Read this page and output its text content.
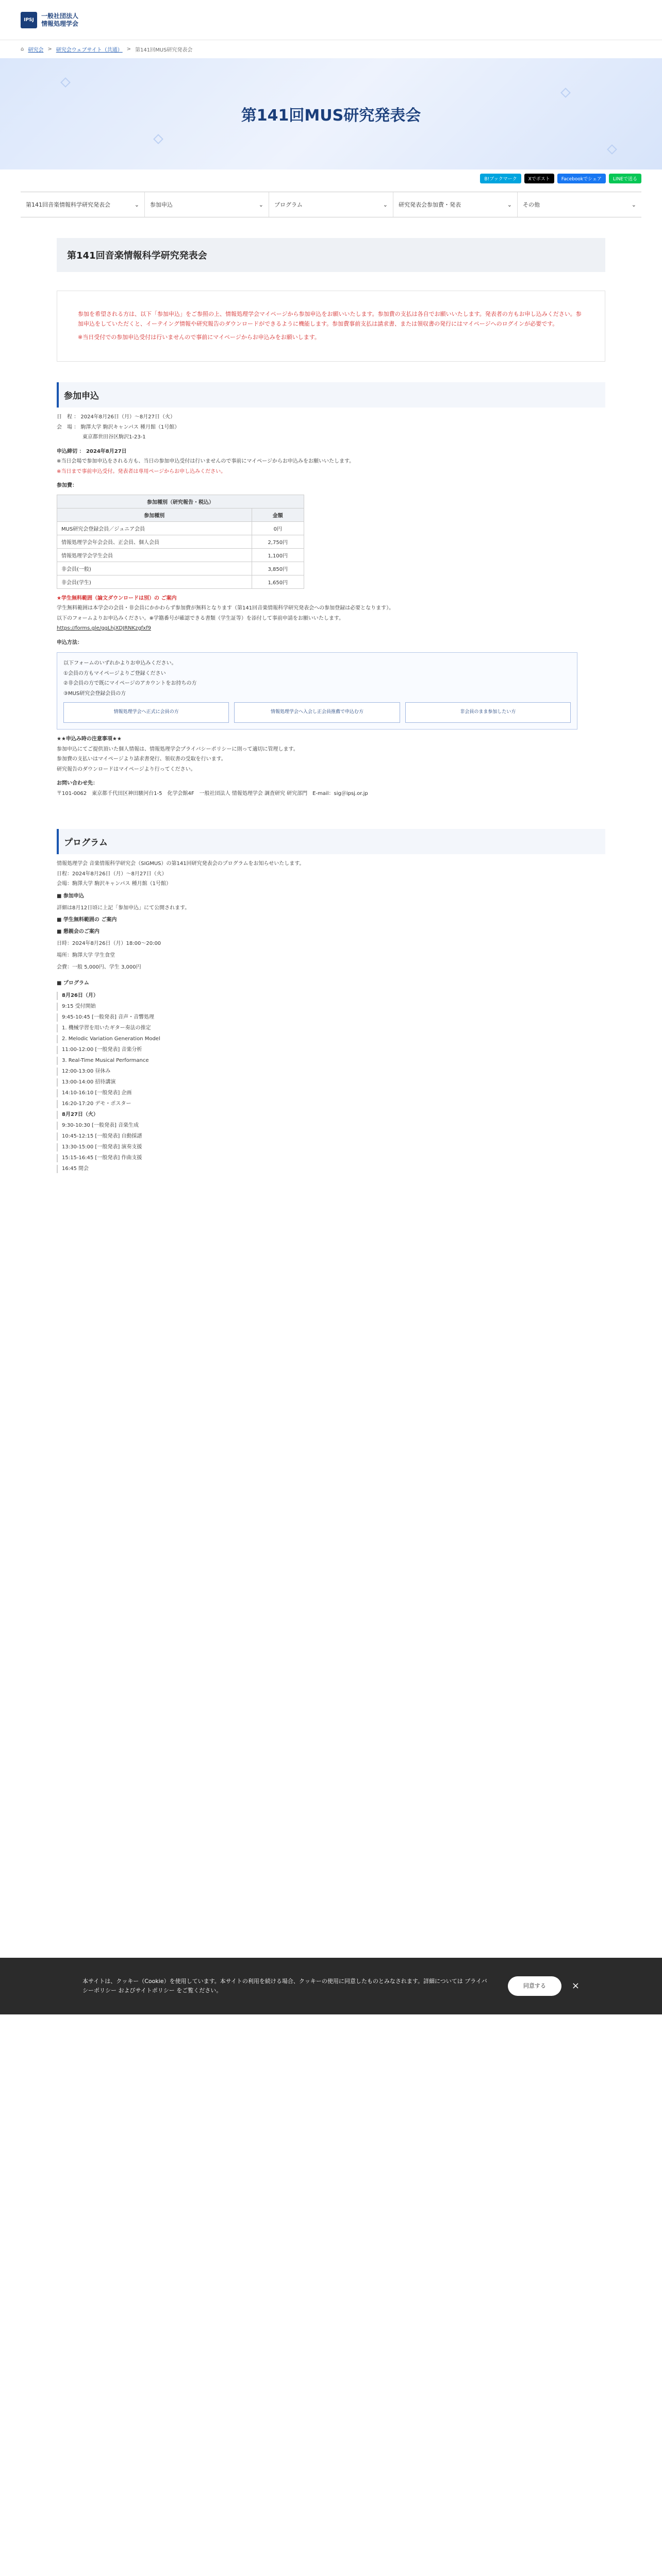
IPSJ
一般社団法人
情報処理学会
⌂ 研究会 > 研究会ウェブサイト（共通） > 第141回MUS研究発表会
第141回MUS研究発表会
B!ブックマーク	Xでポスト	Facebookでシェア	LINEで送る
第141回音楽情報科学研究発表会	⌄ 参加申込	⌄ プログラム	⌄ 研究発表会参加費・発表	⌄ その他	⌄
第141回音楽情報科学研究発表会

参加を希望される方は、以下「参加申込」をご参照の上、情報処理学会マイページから参加申込をお願いいたします。参加費の支払は各自でお願いいたします。発表者の方もお申し込みください。参加申込をしていただくと、イーテイング情報や研究報告のダウンロードができるように機能します。参加費事前支払は請求書、または領収書の発行にはマイページへのログインが必要です。

※当日受付での参加申込受付は行いませんので事前にマイページからお申込みをお願いします。

参加申込

日　程 ： 2024年8月26日（月）～8月27日（火）

会　場 ： 駒澤大学 駒沢キャンパス 種月館（1号館）

東京都世田谷区駒沢1-23-1

申込締切 ： 2024年8月27日

※当日会場で参加申込をされる方も、当日の参加申込受付は行いませんので事前にマイページからお申込みをお願いいたします。

※当日まで事前申込受付。発表者は専用ページからお申し込みください。

参加費：

参加種別（研究報告・税込）	
参加種別	金額
MUS研究会登録会員／ジュニア会員	0円
情報処理学会年会会員、正会員、個人会員	2,750円
情報処理学会学生会員	1,100円
非会員(一般)	3,850円
非会員(学生)	1,650円

★学生無料範囲（論文ダウンロードは別）の ご案内

学生無料範囲は本学会の会員・非会員にかかわらず参加費が無料となります（第141回音楽情報科学研究発表会への参加登録は必要となります）。

以下のフォームよりお申込みください。※学籍番号が確認できる書類（学生証等）を添付して事前申請をお願いいたします。

https://forms.gle/ggLhjXDJRNKzgfxf9

申込方法：

以下フォームのいずれかよりお申込みください。

①会員の方もマイページよりご登録ください

②非会員の方で既にマイページのアカウントをお持ちの方

③MUS研究会登録会員の方

情報処理学会へ正式に会員の方	情報処理学会へ入会し正会員推薦で申込む方	非会員のまま参加したい方

★★申込み時の注意事項★★

参加申込にてご提供頂いた個人情報は、情報処理学会プライバシーポリシーに則って適切に管理します。

参加費の支払いはマイページより請求書発行、領収書の受取を行います。

研究報告のダウンロードはマイページより行ってください。

お問い合わせ先：

〒101-0062　東京都千代田区神田駿河台1-5　化学会館4F　一般社団法人 情報処理学会 調査研究 研究部門　E-mail：sig＠ipsj.or.jp

プログラム

情報処理学会 音楽情報科学研究会（SIGMUS）の第141回研究発表会のプログラムをお知らせいたします。

日程：2024年8月26日（月）～8月27日（火）

会場：駒澤大学 駒沢キャンパス 種月館（1号館）

■ 参加申込

詳細は8月12日頃に上記「参加申込」にて公開されます。

■ 学生無料範囲の ご案内

■ 懇親会のご案内

日時：2024年8月26日（月）18:00～20:00

場所：駒澤大学 学生食堂

会費：一般 5,000円、学生 3,000円

■ プログラム

8月26日（月）

9:15 受付開始

9:45-10:45 [一般発表] 音声・音響処理

1. 機械学習を用いたギター奏法の推定

2. Melodic Variation Generation Model

11:00-12:00 [一般発表] 音楽分析

3. Real-Time Musical Performance

12:00-13:00 昼休み

13:00-14:00 招待講演

14:10-16:10 [一般発表] 企画

16:20-17:20 デモ・ポスター

8月27日（火）

9:30-10:30 [一般発表] 音楽生成

10:45-12:15 [一般発表] 自動採譜

13:30-15:00 [一般発表] 演奏支援

15:15-16:45 [一般発表] 作曲支援

16:45 閉会

本サイトは、クッキー（Cookie）を使用しています。本サイトの利用を続ける場合、クッキーの使用に同意したものとみなされます。詳細については プライバシーポリシー およびサイトポリシー をご覧ください。

同意する	×
